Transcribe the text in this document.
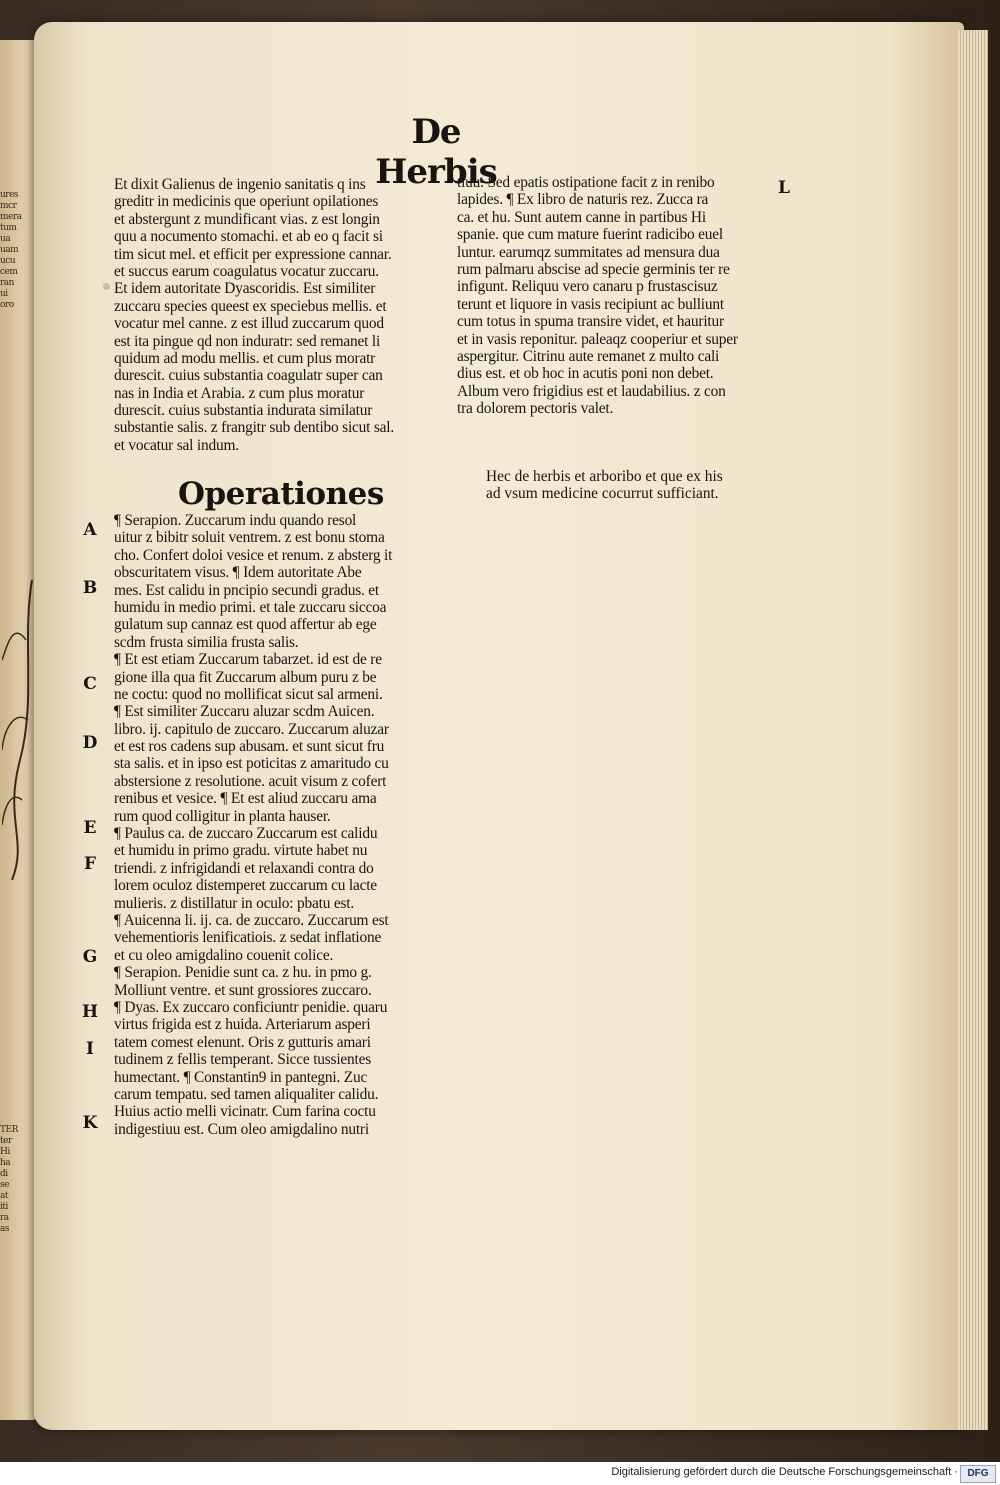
ures
mcr
mera
tum
ua
uam
ucu
cem
ran
ui
oro
TER
ter
Hi
ha
di
se
at
iti
ra
as
De Herbis
Et dixit Galienus de ingenio sanitatis q ins
greditr in medicinis que operiunt opilationes
et abstergunt z mundificant vias. z est longin
quu a nocumento stomachi. et ab eo q facit si
tim sicut mel. et efficit per expressione cannar.
et succus earum coagulatus vocatur zuccaru.
Et idem autoritate Dyascoridis. Est similiter
zuccaru species queest ex speciebus mellis. et
vocatur mel canne. z est illud zuccarum quod
est ita pingue qd non induratr: sed remanet li
quidum ad modu mellis. et cum plus moratr
durescit. cuius substantia coagulatr super can
nas in India et Arabia. z cum plus moratur
durescit. cuius substantia indurata similatur
substantie salis. z frangitr sub dentibo sicut sal.
et vocatur sal indum.
Operationes
¶ Serapion. Zuccarum indu quando resol
uitur z bibitr soluit ventrem. z est bonu stoma
cho. Confert doloi vesice et renum. z absterg it
obscuritatem visus. ¶ Idem autoritate Abe
mes. Est calidu in pncipio secundi gradus. et
humidu in medio primi. et tale zuccaru siccoa
gulatum sup cannaz est quod affertur ab ege
scdm frusta similia frusta salis.
¶ Et est etiam Zuccarum tabarzet. id est de re
gione illa qua fit Zuccarum album puru z be
ne coctu: quod no mollificat sicut sal armeni.
¶ Est similiter Zuccaru aluzar scdm Auicen.
libro. ij. capitulo de zuccaro. Zuccarum aluzar
et est ros cadens sup abusam. et sunt sicut fru
sta salis. et in ipso est poticitas z amaritudo cu
abstersione z resolutione. acuit visum z cofert
renibus et vesice. ¶ Et est aliud zuccaru ama
rum quod colligitur in planta hauser.
¶ Paulus ca. de zuccaro Zuccarum est calidu
et humidu in primo gradu. virtute habet nu
triendi. z infrigidandi et relaxandi contra do
lorem oculoz distemperet zuccarum cu lacte
mulieris. z distillatur in oculo: pbatu est.
¶ Auicenna li. ij. ca. de zuccaro. Zuccarum est
vehementioris lenificatiois. z sedat inflatione
et cu oleo amigdalino couenit colice.
¶ Serapion. Penidie sunt ca. z hu. in pmo g.
Molliunt ventre. et sunt grossiores zuccaro.
¶ Dyas. Ex zuccaro conficiuntr penidie. quaru
virtus frigida est z huida. Arteriarum asperi
tatem comest elenunt. Oris z gutturis amari
tudinem z fellis temperant. Sicce tussientes
humectant. ¶ Constantin9 in pantegni. Zuc
carum tempatu. sed tamen aliqualiter calidu.
Huius actio melli vicinatr. Cum farina coctu
indigestiuu est. Cum oleo amigdalino nutri
tiuu. Sed epatis ostipatione facit z in renibo
lapides. ¶ Ex libro de naturis rez. Zucca ra
ca. et hu. Sunt autem canne in partibus Hi
spanie. que cum mature fuerint radicibo euel
luntur. earumqz summitates ad mensura dua
rum palmaru abscise ad specie germinis ter re
infigunt. Reliquu vero canaru p frustascisuz
terunt et liquore in vasis recipiunt ac bulliunt
cum totus in spuma transire videt, et hauritur
et in vasis reponitur. paleaqz cooperiur et super
aspergitur. Citrinu aute remanet z multo cali
dius est. et ob hoc in acutis poni non debet.
Album vero frigidius est et laudabilius. z con
tra dolorem pectoris valet.
L
Hec de herbis et arboribo et que ex his
ad vsum medicine cocurrut sufficiant.
A
B
C
D
E
F
G
H
I
K
Digitalisierung gefördert durch die Deutsche Forschungsgemeinschaft · DFG
